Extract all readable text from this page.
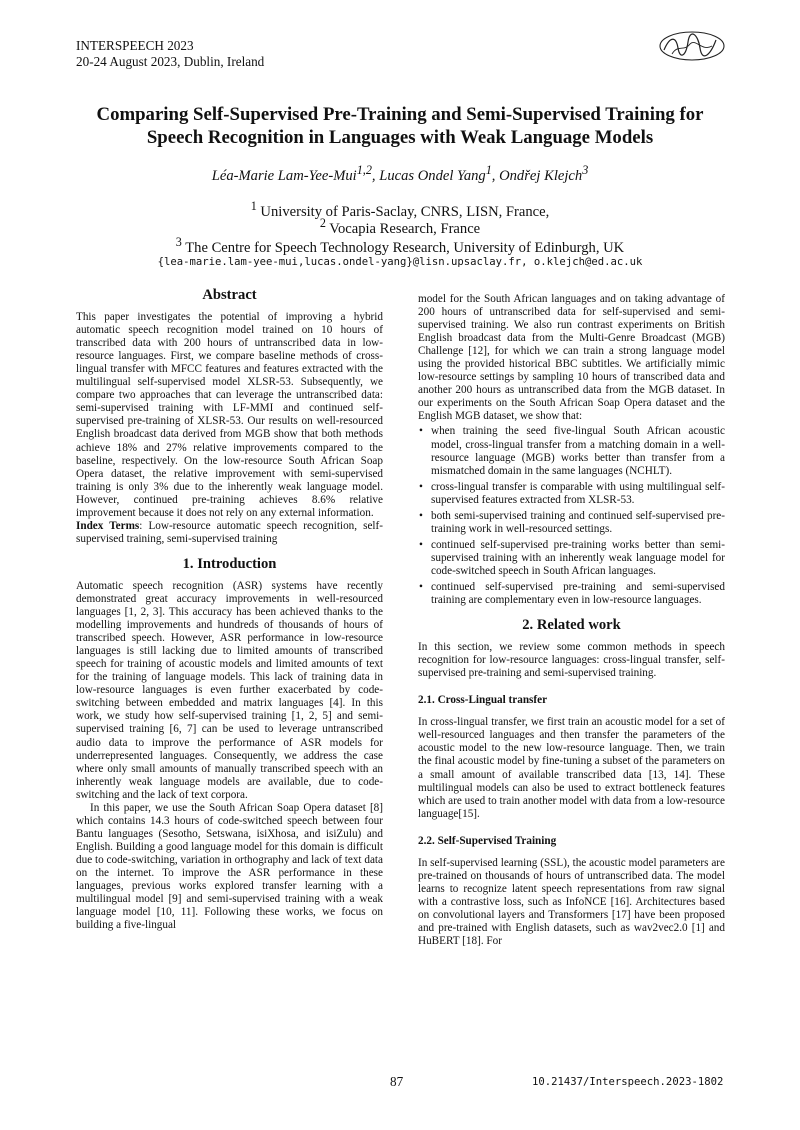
INTERSPEECH 2023
20-24 August 2023, Dublin, Ireland
Comparing Self-Supervised Pre-Training and Semi-Supervised Training for
Speech Recognition in Languages with Weak Language Models
Léa-Marie Lam-Yee-Mui$^{1,2}$, Lucas Ondel Yang$^1$, Ondřej Klejch$^3$
$^1$ University of Paris-Saclay, CNRS, LISN, France,
$^2$ Vocapia Research, France
$^3$ The Centre for Speech Technology Research, University of Edinburgh, UK
{lea-marie.lam-yee-mui,lucas.ondel-yang}@lisn.upsaclay.fr, o.klejch@ed.ac.uk
Abstract

This paper investigates the potential of improving a hybrid automatic speech recognition model trained on 10 hours of transcribed data with 200 hours of untranscribed data in low-resource languages. First, we compare baseline methods of cross-lingual transfer with MFCC features and features extracted with the multilingual self-supervised model XLSR-53. Subsequently, we compare two approaches that can leverage the untranscribed data: semi-supervised training with LF-MMI and continued self-supervised pre-training of XLSR-53. Our results on well-resourced English broadcast data derived from MGB show that both methods achieve 18% and 27% relative improvements compared to the baseline, respectively. On the low-resource South African Soap Opera dataset, the relative improvement with semi-supervised training is only 3% due to the inherently weak language model. However, continued pre-training achieves 8.6% relative improvement because it does not rely on any external information.

Index Terms: Low-resource automatic speech recognition, self-supervised training, semi-supervised training

1. Introduction

Automatic speech recognition (ASR) systems have recently demonstrated great accuracy improvements in well-resourced languages [1, 2, 3]. This accuracy has been achieved thanks to the modelling improvements and hundreds of thousands of hours of transcribed speech. However, ASR performance in low-resource languages is still lacking due to limited amounts of transcribed speech for training of acoustic models and limited amounts of text for the training of language models. This lack of training data in low-resource languages is even further exacerbated by code-switching between embedded and matrix languages [4]. In this work, we study how self-supervised training [1, 2, 5] and semi-supervised training [6, 7] can be used to leverage untranscribed audio data to improve the performance of ASR models for underrepresented languages. Consequently, we address the case where only small amounts of manually transcribed speech with an inherently weak language models are available, due to code-switching and the lack of text corpora.

In this paper, we use the South African Soap Opera dataset [8] which contains 14.3 hours of code-switched speech between four Bantu languages (Sesotho, Setswana, isiXhosa, and isiZulu) and English. Building a good language model for this domain is difficult due to code-switching, variation in orthography and lack of text data on the internet. To improve the ASR performance in these languages, previous works explored transfer learning with a multilingual model [9] and semi-supervised training with a weak language model [10, 11]. Following these works, we focus on building a five-lingual

model for the South African languages and on taking advantage of 200 hours of untranscribed data for self-supervised and semi-supervised training. We also run contrast experiments on British English broadcast data from the Multi-Genre Broadcast (MGB) Challenge [12], for which we can train a strong language model using the provided historical BBC subtitles. We artificially mimic low-resource settings by sampling 10 hours of transcribed data and another 200 hours as untranscribed data from the MGB dataset. In our experiments on the South African Soap Opera dataset and the English MGB dataset, we show that:

• when training the seed five-lingual South African acoustic model, cross-lingual transfer from a matching domain in a well-resource language (MGB) works better than transfer from a mismatched domain in the same languages (NCHLT).
• cross-lingual transfer is comparable with using multilingual self-supervised features extracted from XLSR-53.
• both semi-supervised training and continued self-supervised pre-training work in well-resourced settings.
• continued self-supervised pre-training works better than semi-supervised training with an inherently weak language model for code-switched speech in South African languages.
• continued self-supervised pre-training and semi-supervised training are complementary even in low-resource languages.
2. Related work

In this section, we review some common methods in speech recognition for low-resource languages: cross-lingual transfer, self-supervised pre-training and semi-supervised training.

2.1. Cross-Lingual transfer

In cross-lingual transfer, we first train an acoustic model for a set of well-resourced languages and then transfer the parameters of the acoustic model to the new low-resource language. Then, we train the final acoustic model by fine-tuning a subset of the parameters on a small amount of available transcribed data [13, 14]. These multilingual models can also be used to extract bottleneck features which are used to train another model with data from a low-resource language[15].

2.2. Self-Supervised Training

In self-supervised learning (SSL), the acoustic model parameters are pre-trained on thousands of hours of untranscribed data. The model learns to recognize latent speech representations from raw signal with a contrastive loss, such as InfoNCE [16]. Architectures based on convolutional layers and Transformers [17] have been proposed and pre-trained with English datasets, such as wav2vec2.0 [1] and HuBERT [18]. For

87	10.21437/Interspeech.2023-1802
